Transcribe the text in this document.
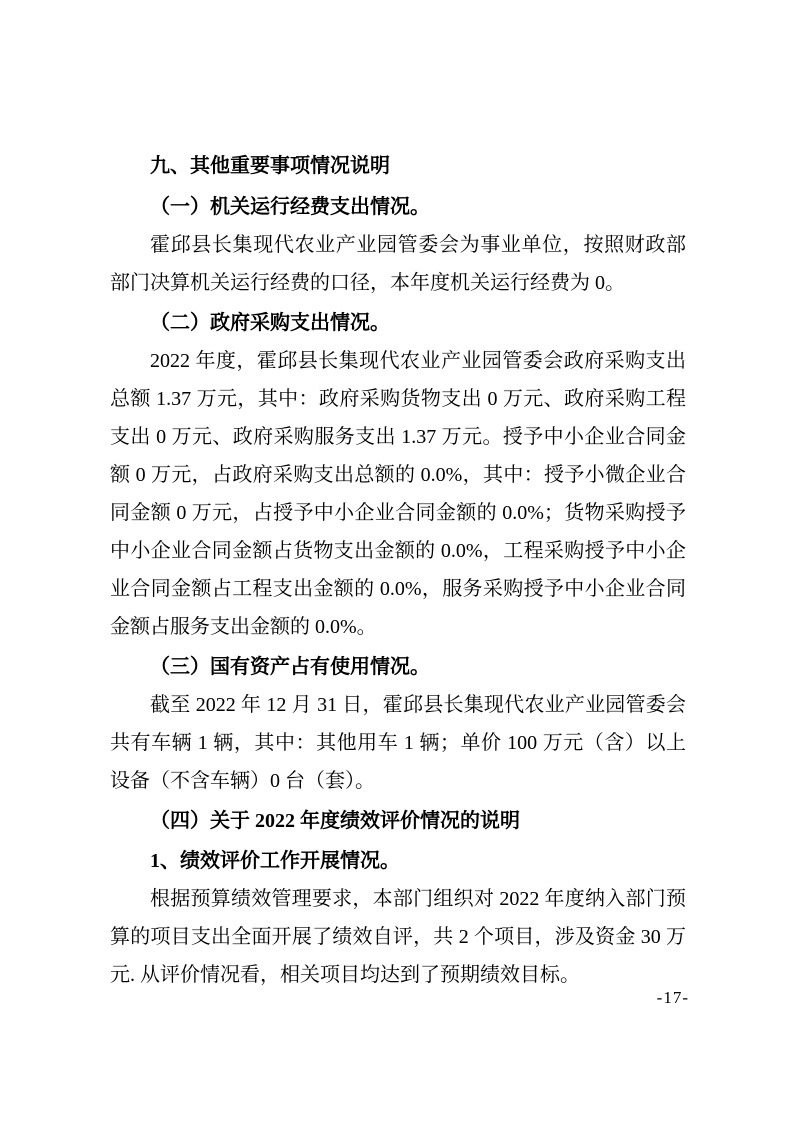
九、其他重要事项情况说明
（一）机关运行经费支出情况。
霍邱县长集现代农业产业园管委会为事业单位，按照财政部部门决算机关运行经费的口径，本年度机关运行经费为 0。
（二）政府采购支出情况。
2022 年度，霍邱县长集现代农业产业园管委会政府采购支出总额 1.37 万元，其中：政府采购货物支出 0 万元、政府采购工程支出 0 万元、政府采购服务支出 1.37 万元。授予中小企业合同金额 0 万元，占政府采购支出总额的 0.0%，其中：授予小微企业合同金额 0 万元，占授予中小企业合同金额的 0.0%；货物采购授予中小企业合同金额占货物支出金额的 0.0%，工程采购授予中小企业合同金额占工程支出金额的 0.0%，服务采购授予中小企业合同金额占服务支出金额的 0.0%。
（三）国有资产占有使用情况。
截至 2022 年 12 月 31 日，霍邱县长集现代农业产业园管委会共有车辆 1 辆，其中：其他用车 1 辆；单价 100 万元（含）以上设备（不含车辆）0 台（套）。
（四）关于 2022 年度绩效评价情况的说明
1、绩效评价工作开展情况。
根据预算绩效管理要求，本部门组织对 2022 年度纳入部门预算的项目支出全面开展了绩效自评，共 2 个项目，涉及资金 30 万元. 从评价情况看，相关项目均达到了预期绩效目标。
-17-
